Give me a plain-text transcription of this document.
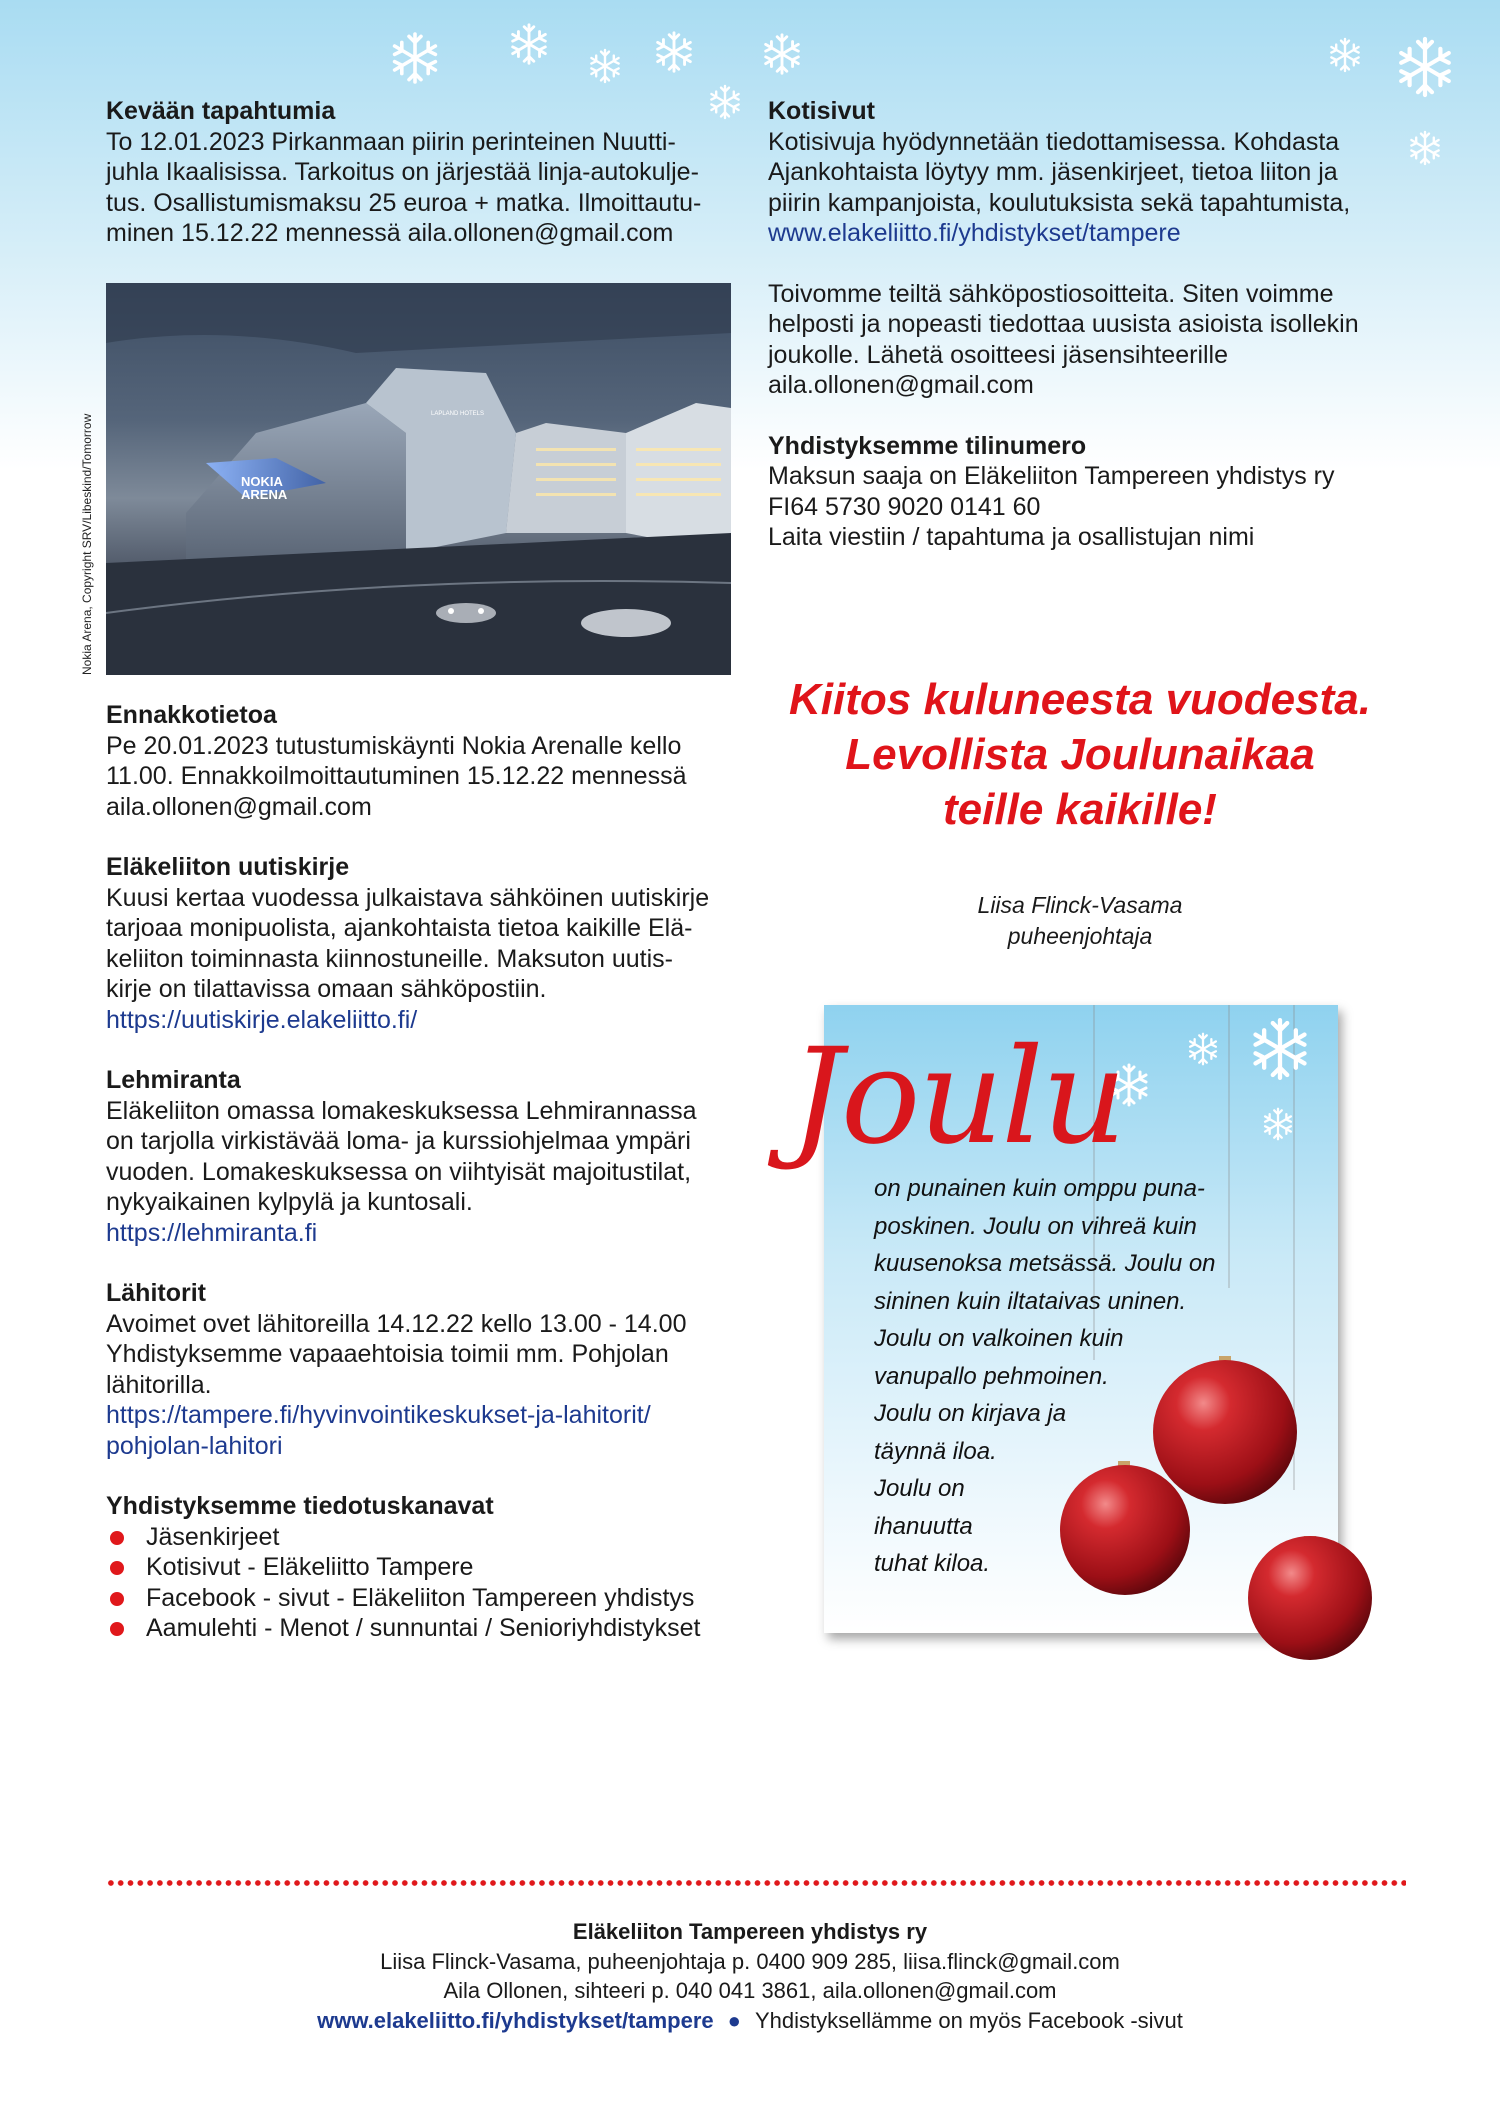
Kevään tapahtumia
To 12.01.2023 Pirkanmaan piirin perinteinen Nuutti-
juhla Ikaalisissa. Tarkoitus on järjestää linja-autokulje-
tus. Osallistumismaksu 25 euroa + matka. Ilmoittautu-
minen 15.12.22 mennessä aila.ollonen@gmail.com
NOKIA
ARENA
LAPLAND HOTELS
Nokia Arena, Copyright SRV/Libeskind/Tomorrow
Ennakkotietoa
Pe 20.01.2023 tutustumiskäynti Nokia Arenalle kello
11.00. Ennakkoilmoittautuminen 15.12.22 mennessä
aila.ollonen@gmail.com
Eläkeliiton uutiskirje
Kuusi kertaa vuodessa julkaistava sähköinen uutiskirje
tarjoaa monipuolista, ajankohtaista tietoa kaikille Elä-
keliiton toiminnasta kiinnostuneille. Maksuton uutis-
kirje on tilattavissa omaan sähköpostiin.
https://uutiskirje.elakeliitto.fi/
Lehmiranta
Eläkeliiton omassa lomakeskuksessa Lehmirannassa
on tarjolla virkistävää loma- ja kurssiohjelmaa ympäri
vuoden. Lomakeskuksessa on viihtyisät majoitustilat,
nykyaikainen kylpylä ja kuntosali.
https://lehmiranta.fi
Lähitorit
Avoimet ovet lähitoreilla 14.12.22 kello 13.00 - 14.00
Yhdistyksemme vapaaehtoisia toimii mm. Pohjolan
lähitorilla.
https://tampere.fi/hyvinvointikeskukset-ja-lahitorit/
pohjolan-lahitori
Yhdistyksemme tiedotuskanavat
Jäsenkirjeet
Kotisivut - Eläkeliitto Tampere
Facebook - sivut - Eläkeliiton Tampereen yhdistys
Aamulehti - Menot / sunnuntai / Senioriyhdistykset
Kotisivut
Kotisivuja hyödynnetään tiedottamisessa. Kohdasta
Ajankohtaista löytyy mm. jäsenkirjeet, tietoa liiton ja
piirin kampanjoista, koulutuksista sekä tapahtumista,
www.elakeliitto.fi/yhdistykset/tampere
Toivomme teiltä sähköpostiosoitteita. Siten voimme
helposti ja nopeasti tiedottaa uusista asioista isollekin
joukolle. Lähetä osoitteesi jäsensihteerille
aila.ollonen@gmail.com
Yhdistyksemme tilinumero
Maksun saaja on Eläkeliiton Tampereen yhdistys ry
FI64 5730 9020 0141 60
Laita viestiin / tapahtuma ja osallistujan nimi
Kiitos kuluneesta vuodesta.
Levollista Joulunaikaa
teille kaikille!
Liisa Flinck-Vasama
puheenjohtaja
Joulu
on punainen kuin omppu puna-
poskinen. Joulu on vihreä kuin
kuusenoksa metsässä. Joulu on
sininen kuin iltataivas uninen.
Joulu on valkoinen kuin
vanupallo pehmoinen.
Joulu on kirjava ja
täynnä iloa.
Joulu on
ihanuutta
tuhat kiloa.
Eläkeliiton Tampereen yhdistys ry
Liisa Flinck-Vasama, puheenjohtaja p. 0400 909 285, liisa.flinck@gmail.com
Aila Ollonen, sihteeri p. 040 041 3861, aila.ollonen@gmail.com
www.elakeliitto.fi/yhdistykset/tampere ● Yhdistyksellämme on myös Facebook -sivut
